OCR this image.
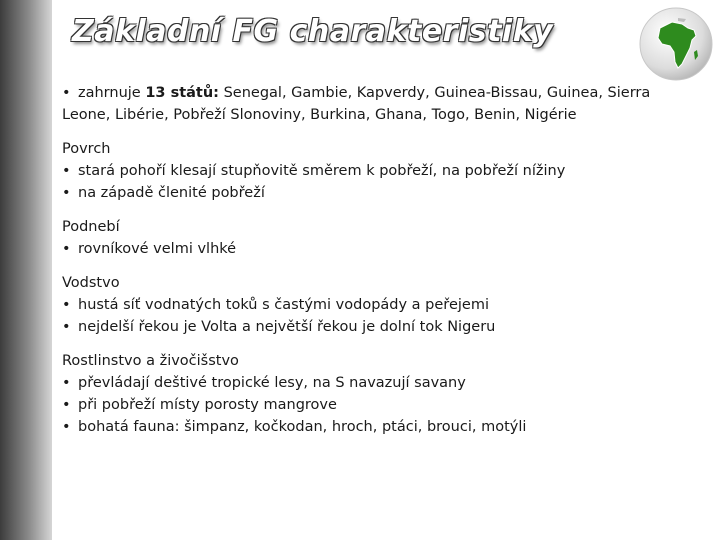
Základní FG charakteristiky

• zahrnuje 13 států: Senegal, Gambie, Kapverdy, Guinea-Bissau, Guinea, Sierra Leone, Libérie, Pobřeží Slonoviny, Burkina, Ghana, Togo, Benin, Nigérie

Povrch
• stará pohoří klesají stupňovitě směrem k pobřeží, na pobřeží nížiny
• na západě členité pobřeží
Podnebí
• rovníkové velmi vlhké
Vodstvo
• hustá síť vodnatých toků s častými vodopády a peřejemi
• nejdelší řekou je Volta a největší řekou je dolní tok Nigeru
Rostlinstvo a živočišstvo
• převládají deštivé tropické lesy, na S navazují savany
• při pobřeží místy porosty mangrove
• bohatá fauna: šimpanz, kočkodan, hroch, ptáci, brouci, motýli
